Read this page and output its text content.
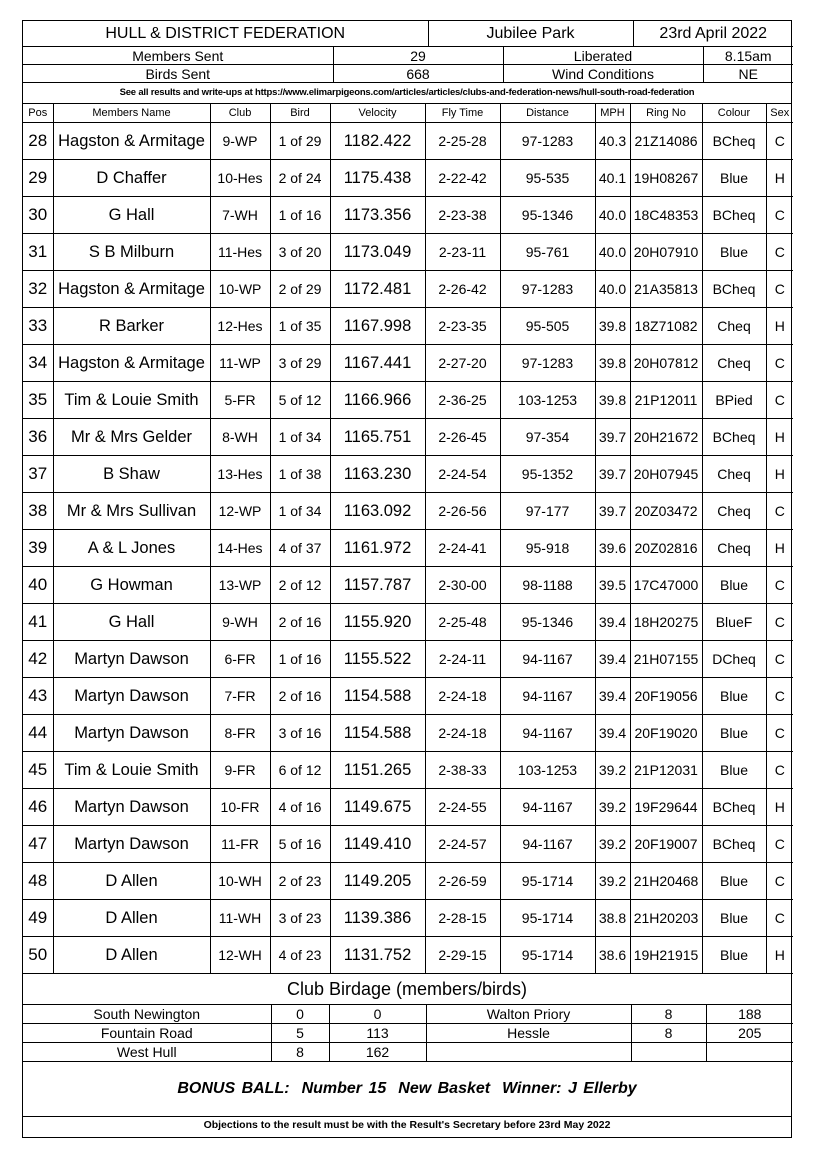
HULL & DISTRICT FEDERATION	Jubilee Park	23rd April 2022
Members Sent	29	Liberated	8.15am
Birds Sent	668	Wind Conditions	NE
See all results and write-ups at https://www.elimarpigeons.com/articles/articles/clubs-and-federation-news/hull-south-road-federation
Pos	Members Name	Club	Bird	Velocity	Fly Time	Distance	MPH	Ring No	Colour	Sex
28	Hagston & Armitage	9-WP	1 of 29	1182.422	2-25-28	97-1283	40.3	21Z14086	BCheq	C
29	D Chaffer	10-Hes	2 of 24	1175.438	2-22-42	95-535	40.1	19H08267	Blue	H
30	G Hall	7-WH	1 of 16	1173.356	2-23-38	95-1346	40.0	18C48353	BCheq	C
31	S B Milburn	11-Hes	3 of 20	1173.049	2-23-11	95-761	40.0	20H07910	Blue	C
32	Hagston & Armitage	10-WP	2 of 29	1172.481	2-26-42	97-1283	40.0	21A35813	BCheq	C
33	R Barker	12-Hes	1 of 35	1167.998	2-23-35	95-505	39.8	18Z71082	Cheq	H
34	Hagston & Armitage	11-WP	3 of 29	1167.441	2-27-20	97-1283	39.8	20H07812	Cheq	C
35	Tim & Louie Smith	5-FR	5 of 12	1166.966	2-36-25	103-1253	39.8	21P12011	BPied	C
36	Mr & Mrs Gelder	8-WH	1 of 34	1165.751	2-26-45	97-354	39.7	20H21672	BCheq	H
37	B Shaw	13-Hes	1 of 38	1163.230	2-24-54	95-1352	39.7	20H07945	Cheq	H
38	Mr & Mrs Sullivan	12-WP	1 of 34	1163.092	2-26-56	97-177	39.7	20Z03472	Cheq	C
39	A & L Jones	14-Hes	4 of 37	1161.972	2-24-41	95-918	39.6	20Z02816	Cheq	H
40	G Howman	13-WP	2 of 12	1157.787	2-30-00	98-1188	39.5	17C47000	Blue	C
41	G Hall	9-WH	2 of 16	1155.920	2-25-48	95-1346	39.4	18H20275	BlueF	C
42	Martyn Dawson	6-FR	1 of 16	1155.522	2-24-11	94-1167	39.4	21H07155	DCheq	C
43	Martyn Dawson	7-FR	2 of 16	1154.588	2-24-18	94-1167	39.4	20F19056	Blue	C
44	Martyn Dawson	8-FR	3 of 16	1154.588	2-24-18	94-1167	39.4	20F19020	Blue	C
45	Tim & Louie Smith	9-FR	6 of 12	1151.265	2-38-33	103-1253	39.2	21P12031	Blue	C
46	Martyn Dawson	10-FR	4 of 16	1149.675	2-24-55	94-1167	39.2	19F29644	BCheq	H
47	Martyn Dawson	11-FR	5 of 16	1149.410	2-24-57	94-1167	39.2	20F19007	BCheq	C
48	D Allen	10-WH	2 of 23	1149.205	2-26-59	95-1714	39.2	21H20468	Blue	C
49	D Allen	11-WH	3 of 23	1139.386	2-28-15	95-1714	38.8	21H20203	Blue	C
50	D Allen	12-WH	4 of 23	1131.752	2-29-15	95-1714	38.6	19H21915	Blue	H
Club Birdage (members/birds)
South Newington	0	0	Walton Priory	8	188
Fountain Road	5	113	Hessle	8	205
West Hull	8	162			
BONUS BALL: Number 15 New Basket Winner: J Ellerby
Objections to the result must be with the Result's Secretary before 23rd May 2022
